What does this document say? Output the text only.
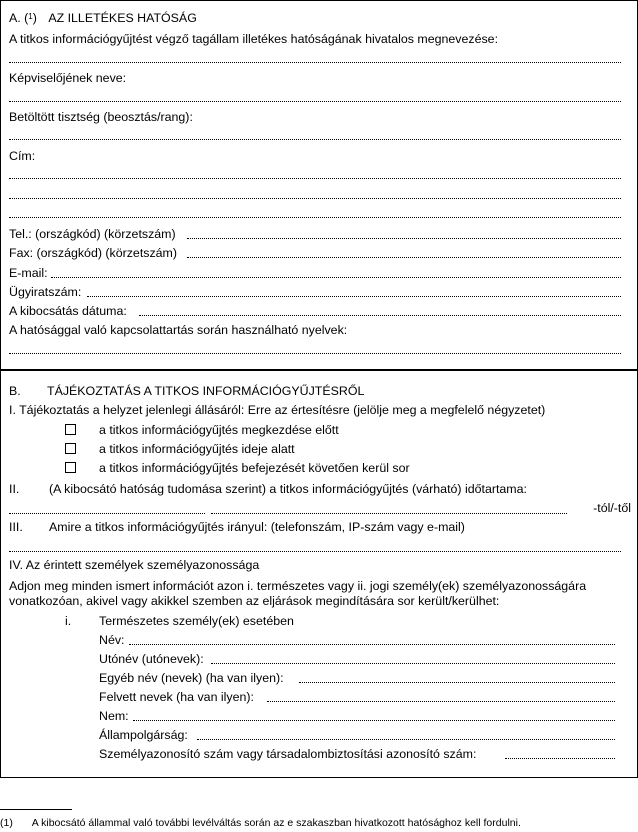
A. ($^1$) AZ ILLETÉKES HATÓSÁG
A titkos információgyűjtést végző tagállam illetékes hatóságának hivatalos megnevezése:
Képviselőjének neve:
Betöltött tisztség (beosztás/rang):
Cím:
Tel.: (országkód) (körzetszám)
Fax: (országkód) (körzetszám)
E-mail:
Ügyiratszám:
A kibocsátás dátuma:
A hatósággal való kapcsolattartás során használható nyelvek:
B. TÁJÉKOZTATÁS A TITKOS INFORMÁCIÓGYŰJTÉSRŐL
I. Tájékoztatás a helyzet jelenlegi állásáról: Erre az értesítésre (jelölje meg a megfelelő négyzetet)
a titkos információgyűjtés megkezdése előtt
a titkos információgyűjtés ideje alatt
a titkos információgyűjtés befejezését követően kerül sor
II. (A kibocsátó hatóság tudomása szerint) a titkos információgyűjtés (várható) időtartama:
-tól/-től
III. Amire a titkos információgyűjtés irányul: (telefonszám, IP-szám vagy e-mail)
IV. Az érintett személyek személyazonossága
Adjon meg minden ismert információt azon i. természetes vagy ii. jogi személy(ek) személyazonosságára
vonatkozóan, akivel vagy akikkel szemben az eljárások megindítására sor került/kerülhet:
i. Természetes személy(ek) esetében
Név:
Utónév (utónevek):
Egyéb név (nevek) (ha van ilyen):
Felvett nevek (ha van ilyen):
Nem:
Állampolgárság:
Személyazonosító szám vagy társadalombiztosítási azonosító szám:
(1) A kibocsátó állammal való további levélváltás során az e szakaszban hivatkozott hatósághoz kell fordulni.
